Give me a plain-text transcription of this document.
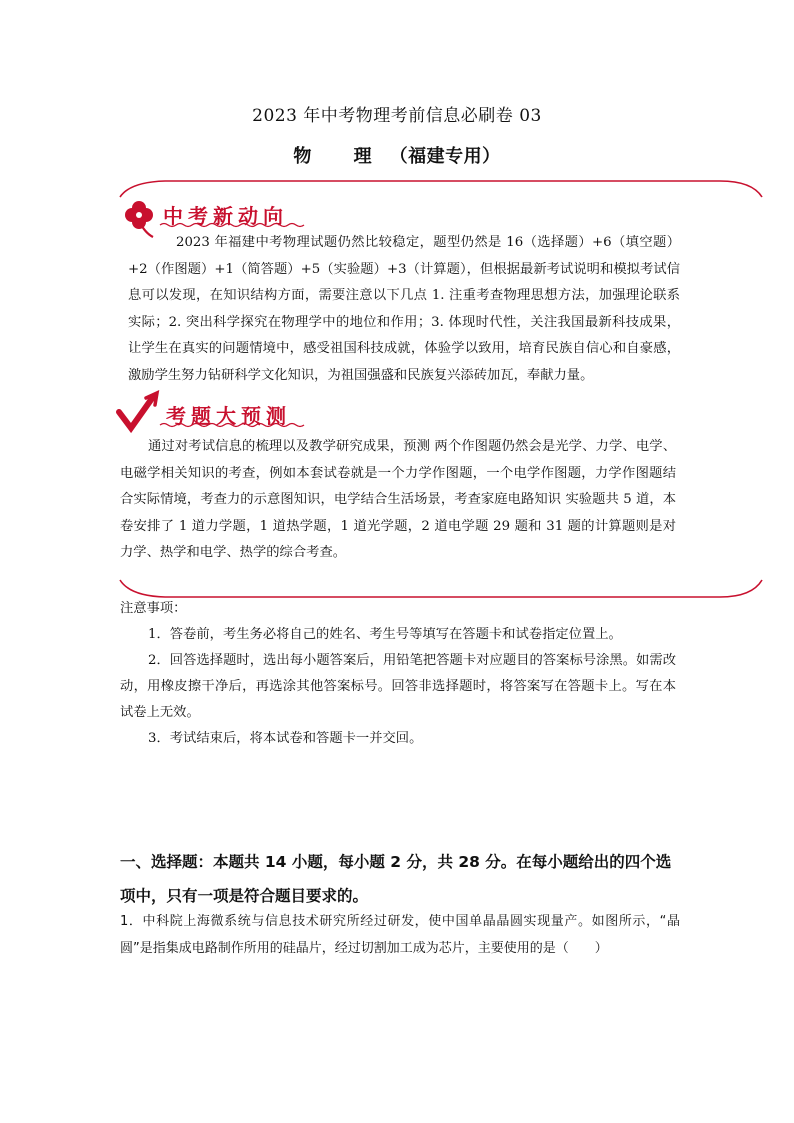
2023 年中考物理考前信息必刷卷 03
物 理（福建专用）
中考新动向

2023 年福建中考物理试题仍然比较稳定，题型仍然是 16（选择题）+6（填空题）+2（作图题）+1（简答题）+5（实验题）+3（计算题），但根据最新考试说明和模拟考试信息可以发现，在知识结构方面，需要注意以下几点 1. 注重考查物理思想方法，加强理论联系实际；2. 突出科学探究在物理学中的地位和作用；3. 体现时代性，关注我国最新科技成果，让学生在真实的问题情境中，感受祖国科技成就，体验学以致用，培育民族自信心和自豪感，激励学生努力钻研科学文化知识，为祖国强盛和民族复兴添砖加瓦，奉献力量。

考题大预测

通过对考试信息的梳理以及教学研究成果，预测 两个作图题仍然会是光学、力学、电学、电磁学相关知识的考查，例如本套试卷就是一个力学作图题，一个电学作图题，力学作图题结合实际情境，考查力的示意图知识，电学结合生活场景，考查家庭电路知识 实验题共 5 道，本卷安排了 1 道力学题，1 道热学题，1 道光学题，2 道电学题 29 题和 31 题的计算题则是对力学、热学和电学、热学的综合考查。

注意事项：

1．答卷前，考生务必将自己的姓名、考生号等填写在答题卡和试卷指定位置上。

2．回答选择题时，选出每小题答案后，用铅笔把答题卡对应题目的答案标号涂黑。如需改动，用橡皮擦干净后，再选涂其他答案标号。回答非选择题时，将答案写在答题卡上。写在本试卷上无效。

3．考试结束后，将本试卷和答题卡一并交回。

一、选择题：本题共 14 小题，每小题 2 分，共 28 分。在每小题给出的四个选项中，只有一项是符合题目要求的。

1．中科院上海微系统与信息技术研究所经过研发，使中国单晶晶圆实现量产。如图所示，“晶圆”是指集成电路制作所用的硅晶片，经过切割加工成为芯片，主要使用的是（　　）
